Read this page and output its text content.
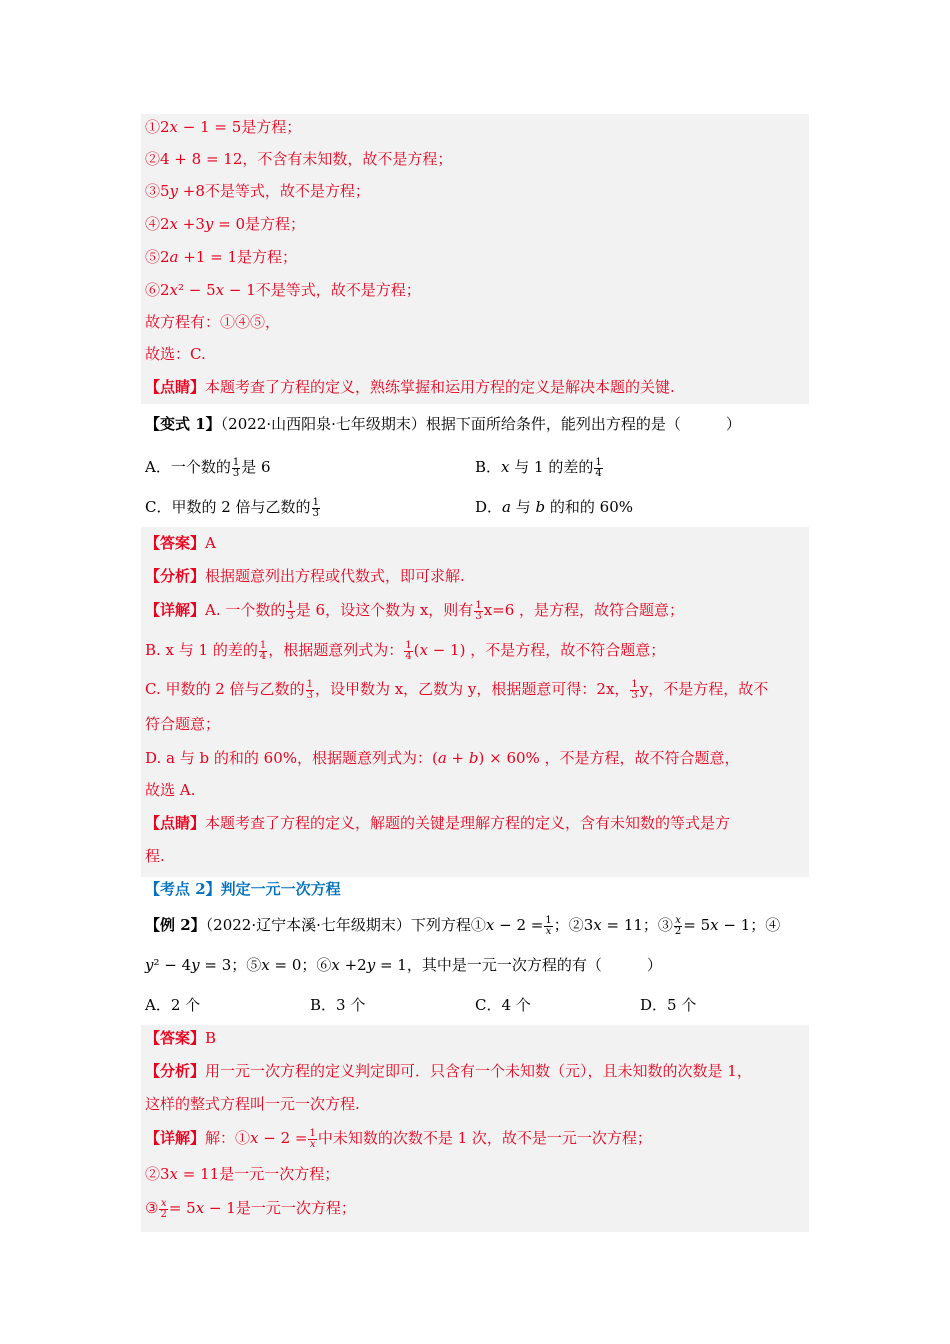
①2𝑥 − 1 = 5是方程；
②4 + 8 = 12，不含有未知数，故不是方程；
③5𝑦 +8不是等式，故不是方程；
④2𝑥 +3𝑦 = 0是方程；
⑤2𝑎 +1 = 1是方程；
⑥2𝑥² − 5𝑥 − 1不是等式，故不是方程；
故方程有：①④⑤，
故选：C.
【点睛】本题考查了方程的定义，熟练掌握和运用方程的定义是解决本题的关键.
【变式 1】（2022·山西阳泉·七年级期末）根据下面所给条件，能列出方程的是（　　　）
A．一个数的 $\frac{1}{3}$ 是 6	B．x 与 1 的差的 $\frac{1}{4}$
C．甲数的 2 倍与乙数的 $\frac{1}{3}$	D．a 与 b 的和的 60%
【答案】A
【分析】根据题意列出方程或代数式，即可求解.
【详解】A. 一个数的 $\frac{1}{3}$ 是 6，设这个数为 x，则有 $\frac{1}{3} x=6$ ，是方程，故符合题意；
B. x 与 1 的差的 $\frac{1}{4}$ ，根据题意列式为： $\frac{1}{4}$ (𝑥 − 1) ，不是方程，故不符合题意；
C. 甲数的 2 倍与乙数的 $\frac{1}{3}$ ，设甲数为 x，乙数为 y，根据题意可得：2x， $\frac{1}{3}$ y，不是方程，故不
符合题意；
D. a 与 b 的和的 60%，根据题意列式为：(𝑎 + 𝑏) × 60% ，不是方程，故不符合题意，
故选 A.
【点睛】本题考查了方程的定义，解题的关键是理解方程的定义，含有未知数的等式是方
程.
【考点 2】判定一元一次方程
【例 2】（2022·辽宁本溪·七年级期末）下列方程①𝑥 − $2 = \frac{1}{\text{𝑥}}$ ；②3𝑥 = 11；③ $\frac{\text{𝑥}}{2}$ = 5𝑥 − 1；④
𝑦² − 4𝑦 = 3；⑤𝑥 = 0；⑥𝑥 +2𝑦 = 1，其中是一元一次方程的有（　　　）
A．2 个	B．3 个	C．4 个	D．5 个
【答案】B
【分析】用一元一次方程的定义判定即可．只含有一个未知数（元），且未知数的次数是 1，
这样的整式方程叫一元一次方程.
【详解】解：①𝑥 − $2 = \frac{1}{\text{𝑥}}$ 中未知数的次数不是 1 次，故不是一元一次方程；
②3𝑥 = 11是一元一次方程；
③ $\frac{\text{𝑥}}{2}$ = 5𝑥 − 1是一元一次方程；
